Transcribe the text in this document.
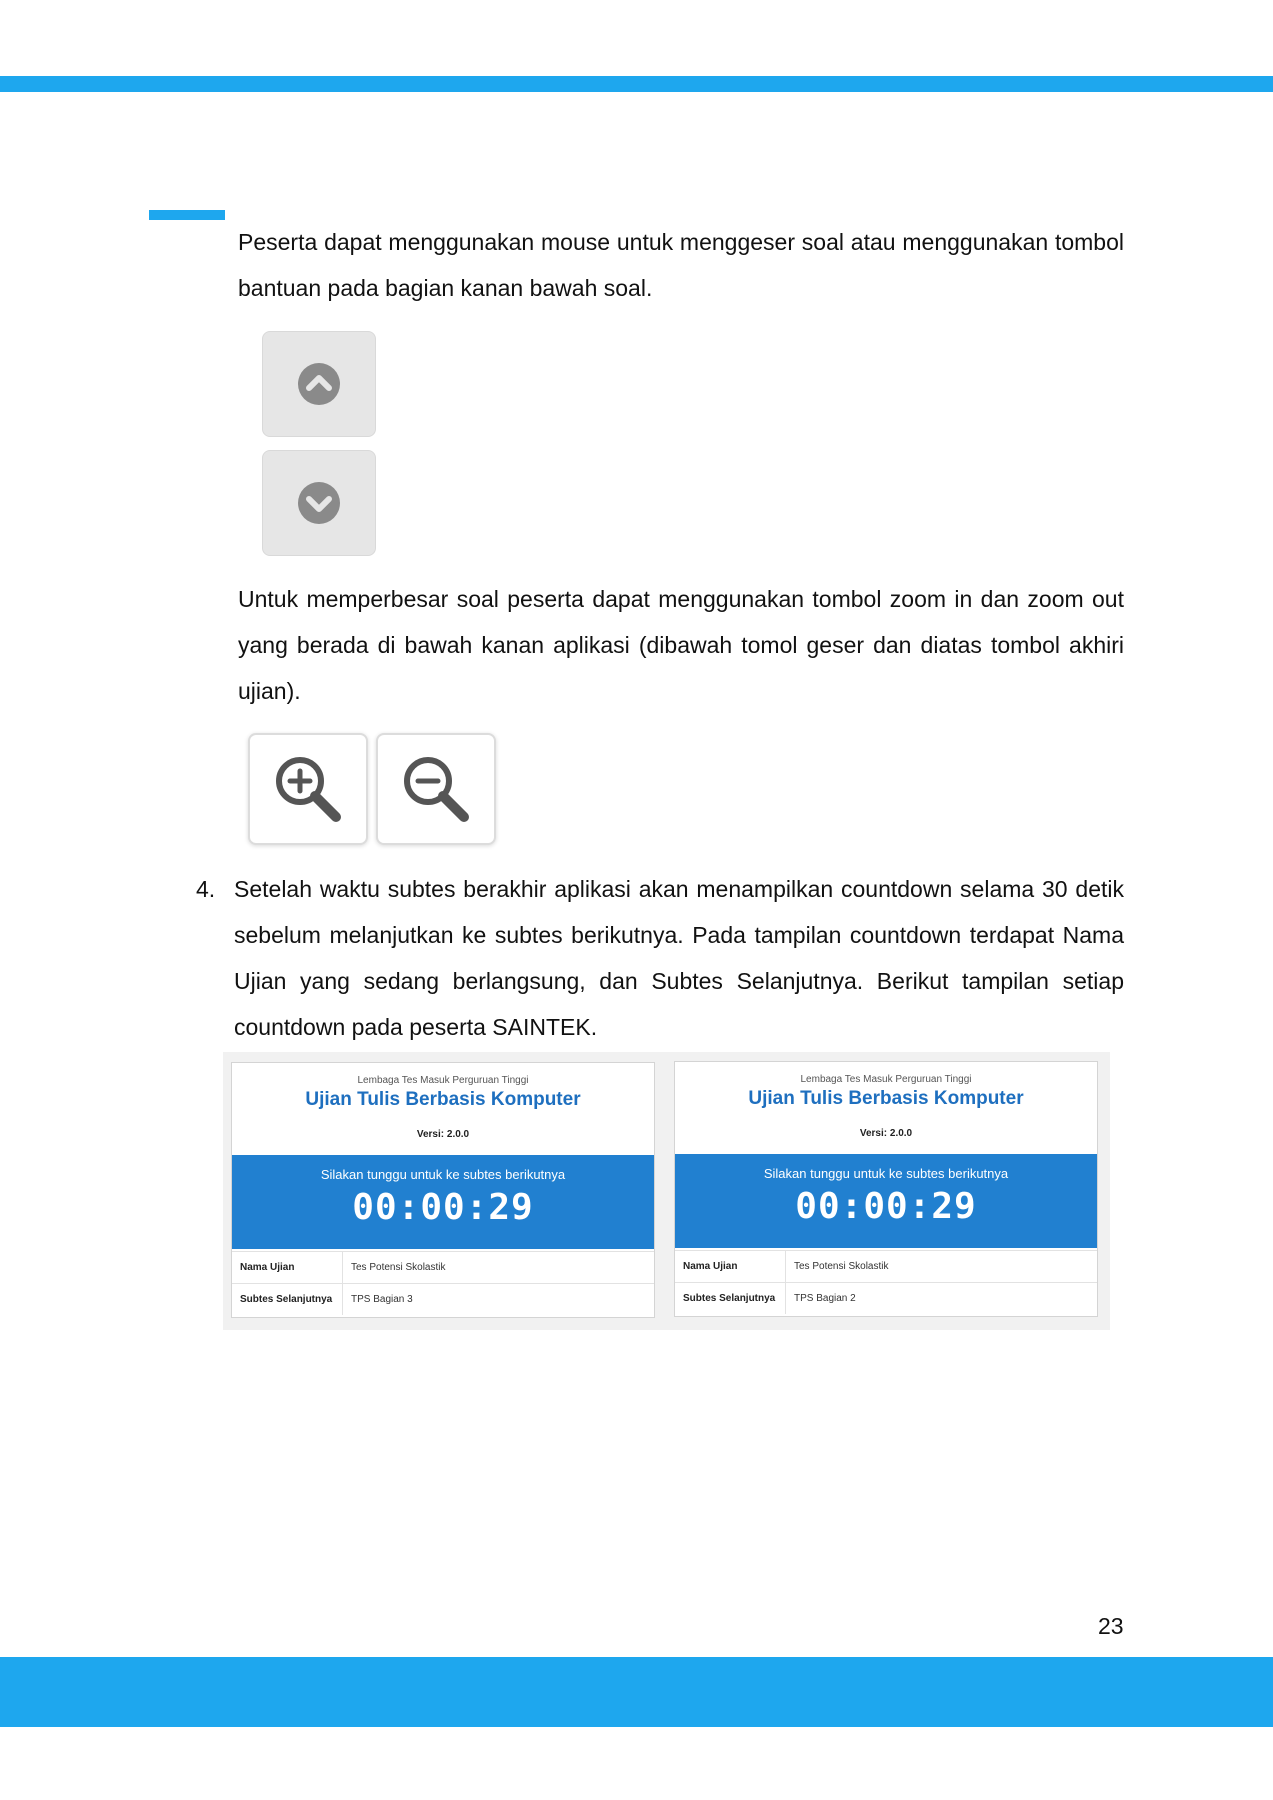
Peserta dapat menggunakan mouse untuk menggeser soal atau menggunakan tombol bantuan pada bagian kanan bawah soal.

Untuk memperbesar soal peserta dapat menggunakan tombol zoom in dan zoom out yang berada di bawah kanan aplikasi (dibawah tomol geser dan diatas tombol akhiri ujian).

4. Setelah waktu subtes berakhir aplikasi akan menampilkan countdown selama 30 detik sebelum melanjutkan ke subtes berikutnya. Pada tampilan countdown terdapat Nama Ujian yang sedang berlangsung, dan Subtes Selanjutnya. Berikut tampilan setiap countdown pada peserta SAINTEK.

Lembaga Tes Masuk Perguruan Tinggi
Ujian Tulis Berbasis Komputer
Versi: 2.0.0
Silakan tunggu untuk ke subtes berikutnya
00:00:29
Nama Ujian	Tes Potensi Skolastik
Subtes Selanjutnya	TPS Bagian 3
Lembaga Tes Masuk Perguruan Tinggi
Ujian Tulis Berbasis Komputer
Versi: 2.0.0
Silakan tunggu untuk ke subtes berikutnya
00:00:29
Nama Ujian	Tes Potensi Skolastik
Subtes Selanjutnya	TPS Bagian 2
23
